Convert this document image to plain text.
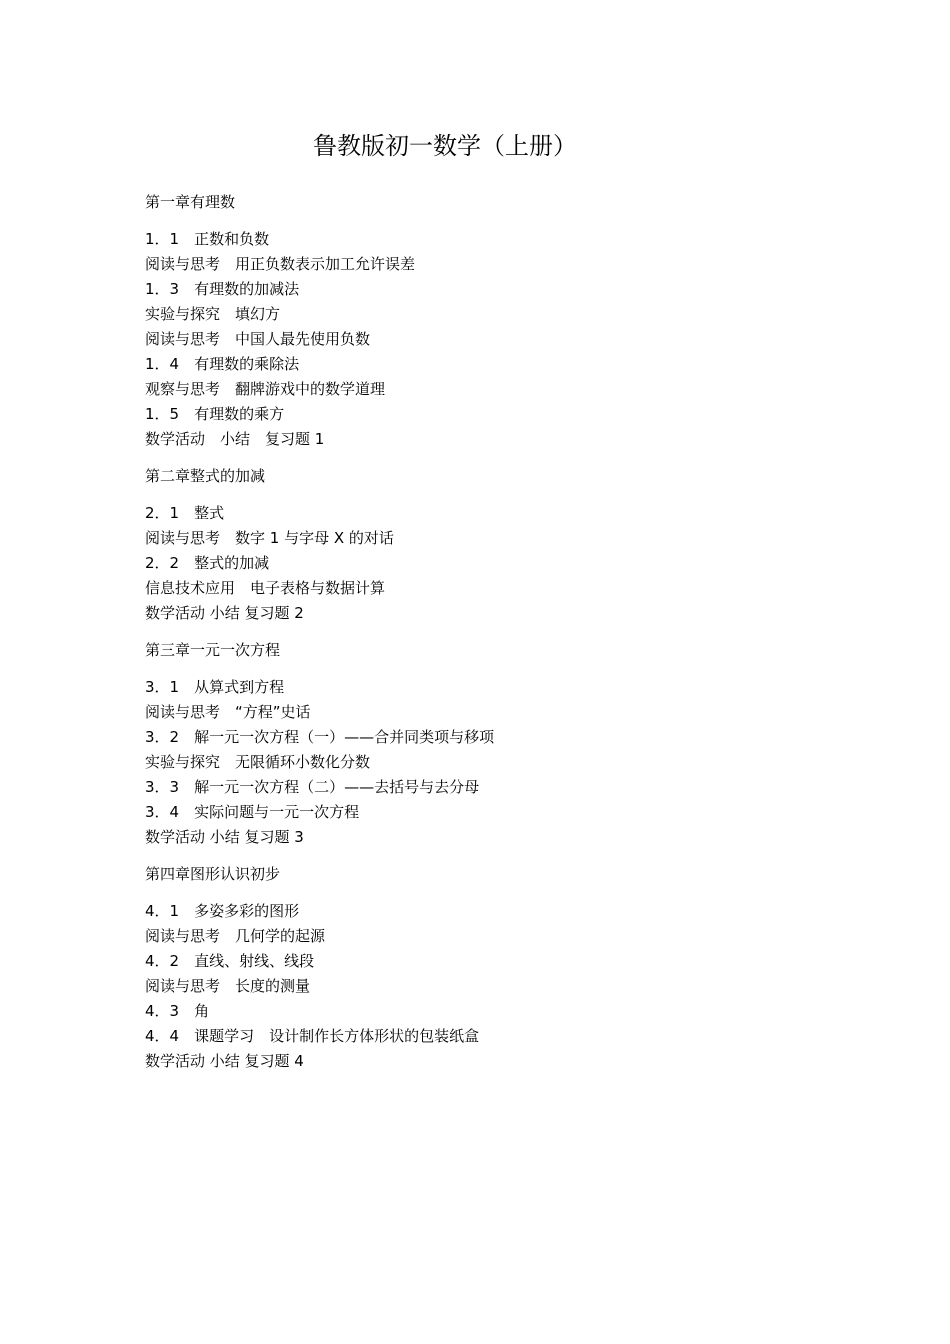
鲁教版初一数学（上册）
第一章有理数
1．1　正数和负数
阅读与思考　用正负数表示加工允许误差
1．3　有理数的加减法
实验与探究　填幻方
阅读与思考　中国人最先使用负数
1．4　有理数的乘除法
观察与思考　翻牌游戏中的数学道理
1．5　有理数的乘方
数学活动　小结　复习题 1
第二章整式的加减
2．1　整式
阅读与思考　数字 1 与字母 X 的对话
2．2　整式的加减
信息技术应用　电子表格与数据计算
数学活动 小结 复习题 2
第三章一元一次方程
3．1　从算式到方程
阅读与思考　“方程”史话
3．2　解一元一次方程（一）——合并同类项与移项
实验与探究　无限循环小数化分数
3．3　解一元一次方程（二）——去括号与去分母
3．4　实际问题与一元一次方程
数学活动 小结 复习题 3
第四章图形认识初步
4．1　多姿多彩的图形
阅读与思考　几何学的起源
4．2　直线、射线、线段
阅读与思考　长度的测量
4．3　角
4．4　课题学习　设计制作长方体形状的包装纸盒
数学活动 小结 复习题 4
